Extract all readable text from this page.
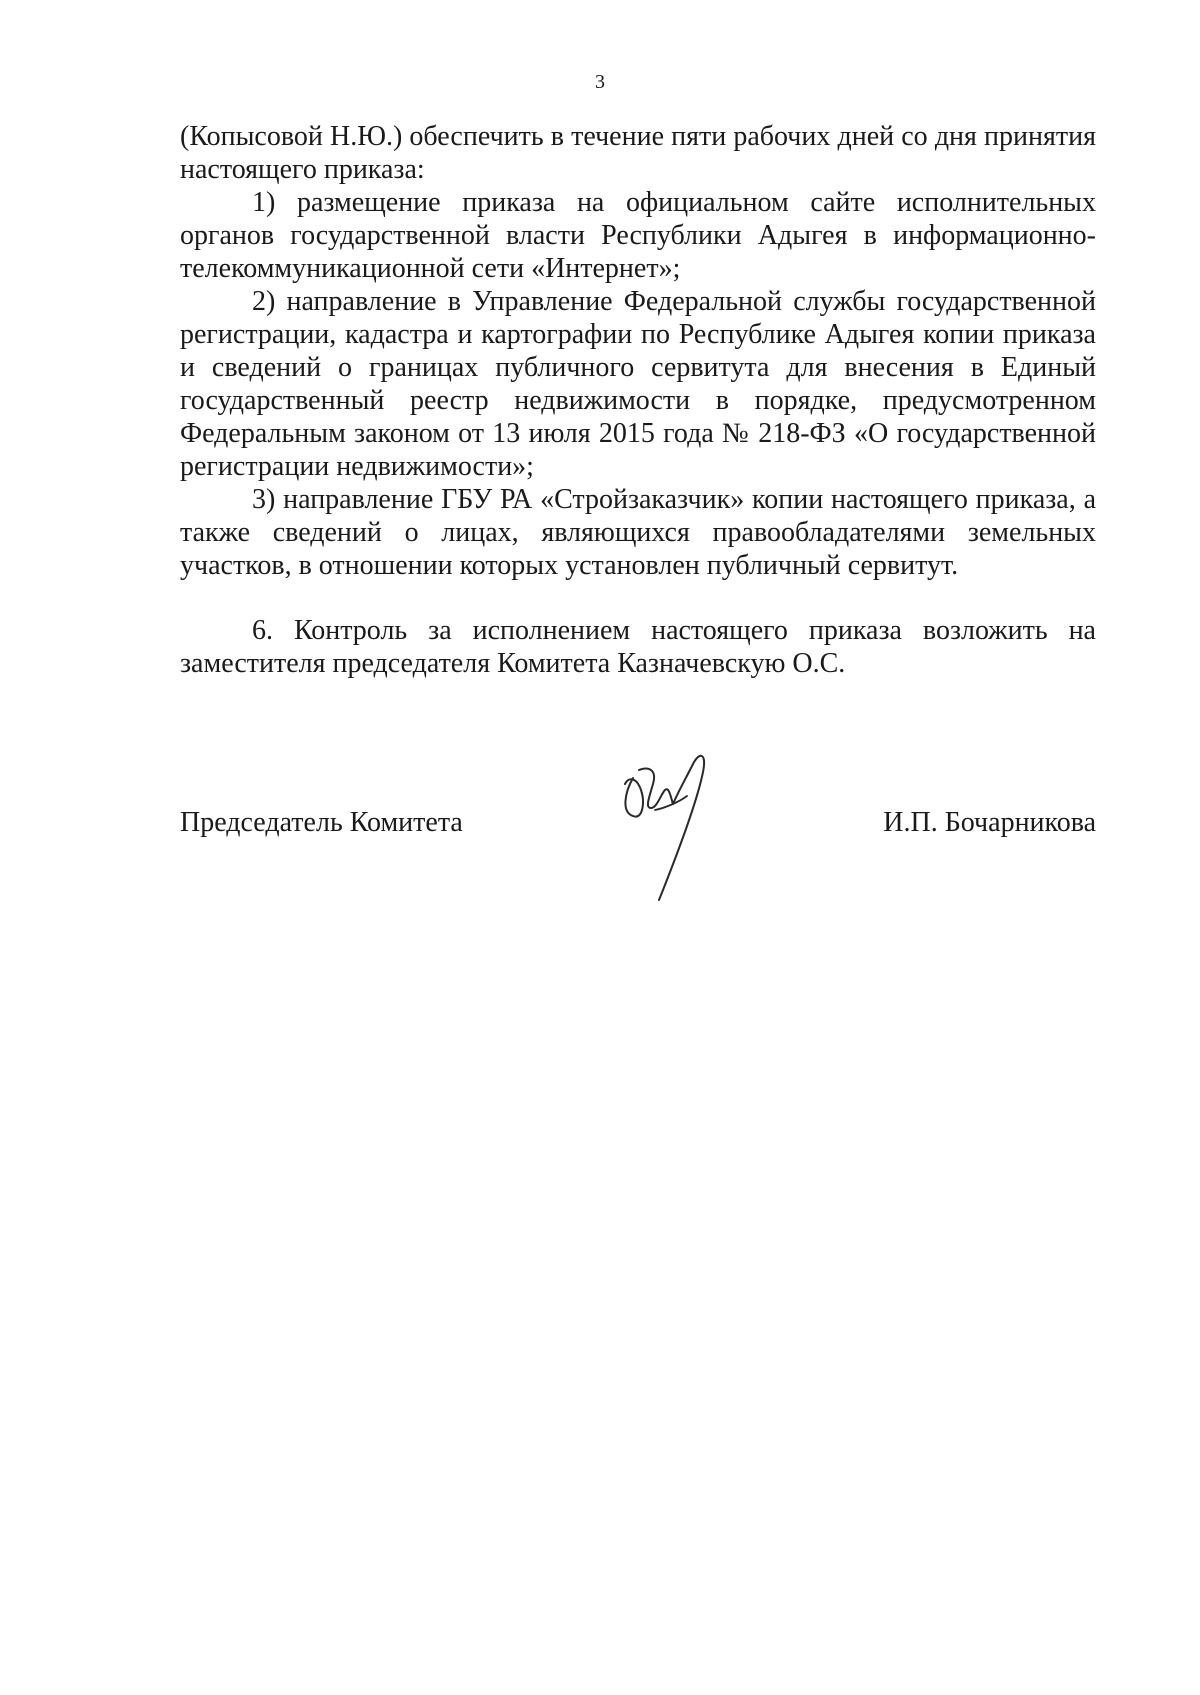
3

(Копысовой Н.Ю.) обеспечить в течение пяти рабочих дней со дня принятия настоящего приказа:

1) размещение приказа на официальном сайте исполнительных органов государственной власти Республики Адыгея в информационно-телекоммуникационной сети «Интернет»;

2) направление в Управление Федеральной службы государственной регистрации, кадастра и картографии по Республике Адыгея копии приказа и сведений о границах публичного сервитута для внесения в Единый государственный реестр недвижимости в порядке, предусмотренном Федеральным законом от 13 июля 2015 года № 218-ФЗ «О государственной регистрации недвижимости»;

3) направление ГБУ РА «Стройзаказчик» копии настоящего приказа, а также сведений о лицах, являющихся правообладателями земельных участков, в отношении которых установлен публичный сервитут.

6. Контроль за исполнением настоящего приказа возложить на заместителя председателя Комитета Казначевскую О.С.

Председатель Комитета	И.П. Бочарникова
